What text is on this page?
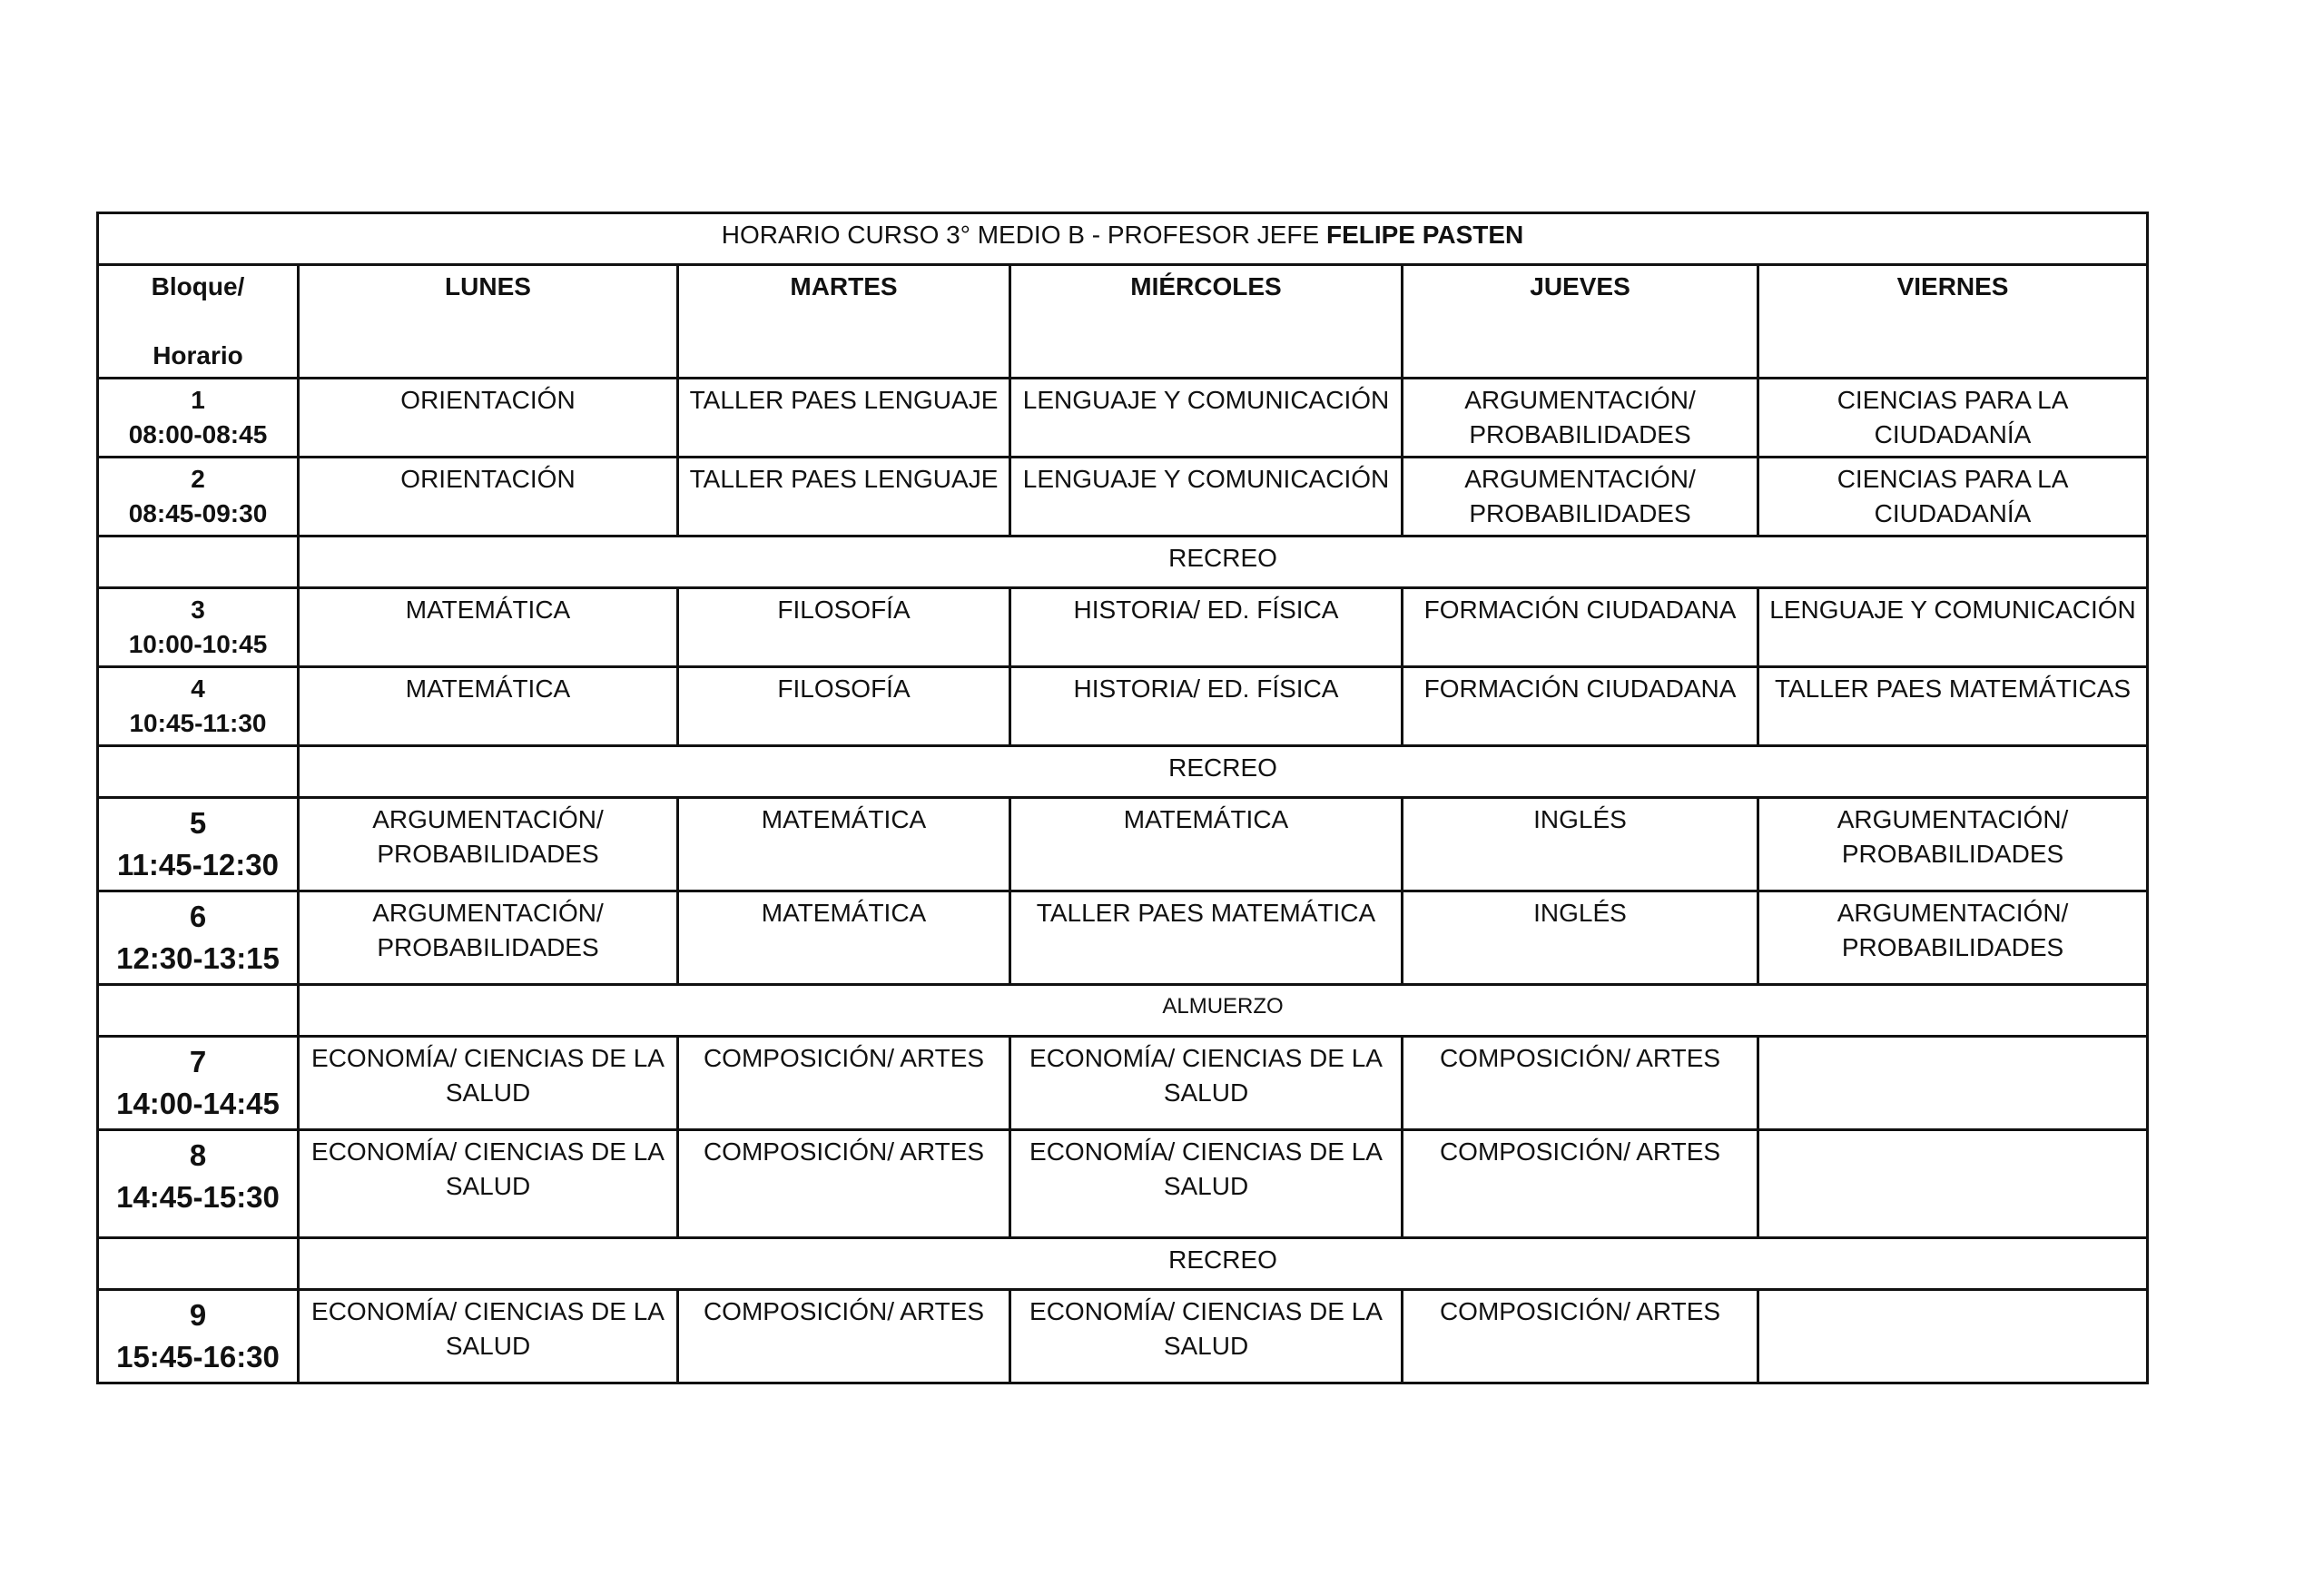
HORARIO CURSO 3° MEDIO B - PROFESOR JEFE FELIPE PASTEN					

Bloque/
Horario	LUNES	MARTES	MIÉRCOLES	JUEVES	VIERNES

1
08:00-08:45	ORIENTACIÓN	TALLER PAES LENGUAJE	LENGUAJE Y COMUNICACIÓN	ARGUMENTACIÓN/ PROBABILIDADES	CIENCIAS PARA LA CIUDADANÍA

2
08:45-09:30	ORIENTACIÓN	TALLER PAES LENGUAJE	LENGUAJE Y COMUNICACIÓN	ARGUMENTACIÓN/ PROBABILIDADES	CIENCIAS PARA LA CIUDADANÍA
	RECREO				

3
10:00-10:45	MATEMÁTICA	FILOSOFÍA	HISTORIA/ ED. FÍSICA	FORMACIÓN CIUDADANA	LENGUAJE Y COMUNICACIÓN

4
10:45-11:30	MATEMÁTICA	FILOSOFÍA	HISTORIA/ ED. FÍSICA	FORMACIÓN CIUDADANA	TALLER PAES MATEMÁTICAS
	RECREO				

5
11:45-12:30	ARGUMENTACIÓN/ PROBABILIDADES	MATEMÁTICA	MATEMÁTICA	INGLÉS	ARGUMENTACIÓN/ PROBABILIDADES

6
12:30-13:15	ARGUMENTACIÓN/ PROBABILIDADES	MATEMÁTICA	TALLER PAES MATEMÁTICA	INGLÉS	ARGUMENTACIÓN/ PROBABILIDADES
	ALMUERZO				

7
14:00-14:45	ECONOMÍA/ CIENCIAS DE LA SALUD	COMPOSICIÓN/ ARTES	ECONOMÍA/ CIENCIAS DE LA SALUD	COMPOSICIÓN/ ARTES	

8
14:45-15:30	ECONOMÍA/ CIENCIAS DE LA SALUD	COMPOSICIÓN/ ARTES	ECONOMÍA/ CIENCIAS DE LA SALUD	COMPOSICIÓN/ ARTES	
	RECREO				

9
15:45-16:30	ECONOMÍA/ CIENCIAS DE LA SALUD	COMPOSICIÓN/ ARTES	ECONOMÍA/ CIENCIAS DE LA SALUD	COMPOSICIÓN/ ARTES	
